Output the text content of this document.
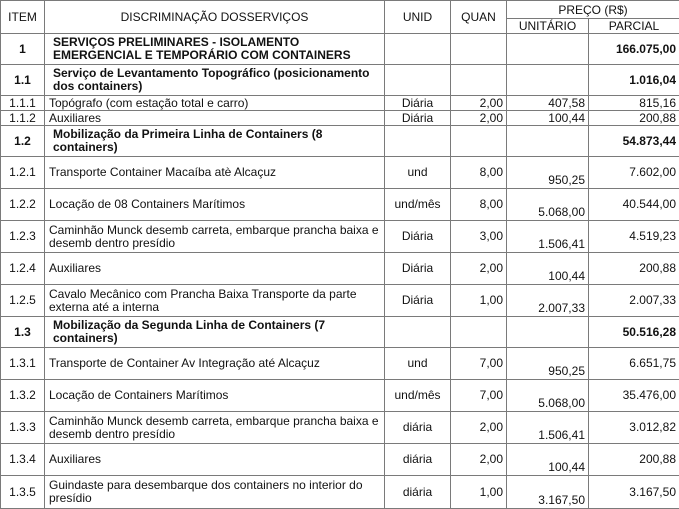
ITEM	DISCRIMINAÇÃO DOSSERVIÇOS	UNID	QUAN	PREÇO (R$)	
				UNITÁRIO	PARCIAL
1	SERVIÇOS PRELIMINARES - ISOLAMENTO EMERGENCIAL E TEMPORÁRIO COM CONTAINERS				166.075,00
1.1	Serviço de Levantamento Topográfico (posicionamento dos containers)				1.016,04
1.1.1	Topógrafo (com estação total e carro)	Diária	2,00	407,58	815,16
1.1.2	Auxiliares	Diária	2,00	100,44	200,88
1.2	Mobilização da Primeira Linha de Containers (8 containers)				54.873,44
1.2.1	Transporte Container Macaíba atè Alcaçuz	und	8,00	950,25	7.602,00
1.2.2	Locação de 08 Containers Marítimos	und/mês	8,00	5.068,00	40.544,00
1.2.3	Caminhão Munck desemb carreta, embarque prancha baixa e desemb dentro presídio	Diária	3,00	1.506,41	4.519,23
1.2.4	Auxiliares	Diária	2,00	100,44	200,88
1.2.5	Cavalo Mecânico com Prancha Baixa Transporte da parte externa até a interna	Diária	1,00	2.007,33	2.007,33
1.3	Mobilização da Segunda Linha de Containers (7 containers)				50.516,28
1.3.1	Transporte de Container Av Integração até Alcaçuz	und	7,00	950,25	6.651,75
1.3.2	Locação de Containers Marítimos	und/mês	7,00	5.068,00	35.476,00
1.3.3	Caminhão Munck desemb carreta, embarque prancha baixa e desemb dentro presídio	diária	2,00	1.506,41	3.012,82
1.3.4	Auxiliares	diária	2,00	100,44	200,88
1.3.5	Guindaste para desembarque dos containers no interior do presídio	diária	1,00	3.167,50	3.167,50
